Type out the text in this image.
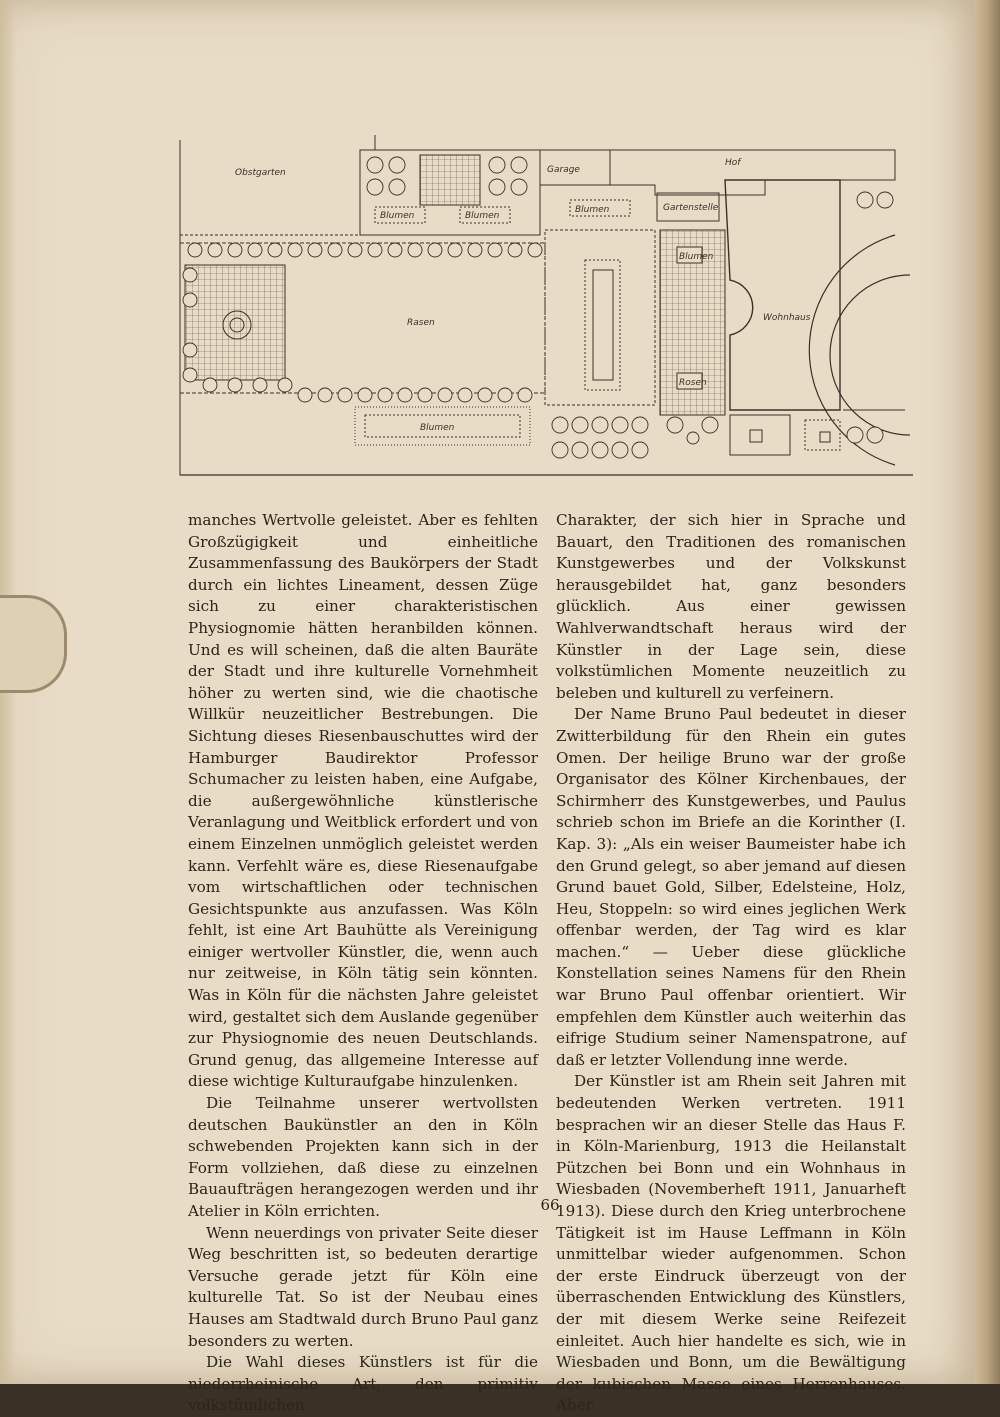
Obstgarten	Garage
Hof
Blumen	Blumen
Blumen	Gartenstelle
Rasen	Wohnhaus
Blumen
Blumen
Rosen

manches Wertvolle geleistet. Aber es fehlten Großzügigkeit und einheitliche Zusammenfassung des Baukörpers der Stadt durch ein lichtes Lineament, dessen Züge sich zu einer charakteristischen Physiognomie hätten heranbilden können. Und es will scheinen, daß die alten Bauräte der Stadt und ihre kulturelle Vornehmheit höher zu werten sind, wie die chaotische Willkür neuzeitlicher Bestrebungen. Die Sichtung dieses Riesenbauschuttes wird der Hamburger Baudirektor Professor Schumacher zu leisten haben, eine Aufgabe, die außergewöhnliche künstlerische Veranlagung und Weitblick erfordert und von einem Einzelnen unmöglich geleistet werden kann. Verfehlt wäre es, diese Riesenaufgabe vom wirtschaftlichen oder technischen Gesichtspunkte aus anzufassen. Was Köln fehlt, ist eine Art Bauhütte als Vereinigung einiger wertvoller Künstler, die, wenn auch nur zeitweise, in Köln tätig sein könnten. Was in Köln für die nächsten Jahre geleistet wird, gestaltet sich dem Auslande gegenüber zur Physiognomie des neuen Deutschlands. Grund genug, das allgemeine Interesse auf diese wichtige Kulturaufgabe hinzulenken.

Die Teilnahme unserer wertvollsten deutschen Baukünstler an den in Köln schwebenden Projekten kann sich in der Form vollziehen, daß diese zu einzelnen Bauaufträgen herangezogen werden und ihr Atelier in Köln errichten.

Wenn neuerdings von privater Seite dieser Weg beschritten ist, so bedeuten derartige Versuche gerade jetzt für Köln eine kulturelle Tat. So ist der Neubau eines Hauses am Stadtwald durch Bruno Paul ganz besonders zu werten.

Die Wahl dieses Künstlers ist für die niederrheinische Art, den primitiv volkstümlichen

Charakter, der sich hier in Sprache und Bauart, den Traditionen des romanischen Kunstgewerbes und der Volkskunst herausgebildet hat, ganz besonders glücklich. Aus einer gewissen Wahlverwandtschaft heraus wird der Künstler in der Lage sein, diese volkstümlichen Momente neuzeitlich zu beleben und kulturell zu verfeinern.

Der Name Bruno Paul bedeutet in dieser Zwitterbildung für den Rhein ein gutes Omen. Der heilige Bruno war der große Organisator des Kölner Kirchenbaues, der Schirmherr des Kunstgewerbes, und Paulus schrieb schon im Briefe an die Korinther (I. Kap. 3): „Als ein weiser Baumeister habe ich den Grund gelegt, so aber jemand auf diesen Grund bauet Gold, Silber, Edelsteine, Holz, Heu, Stoppeln: so wird eines jeglichen Werk offenbar werden, der Tag wird es klar machen.“ — Ueber diese glückliche Konstellation seines Namens für den Rhein war Bruno Paul offenbar orientiert. Wir empfehlen dem Künstler auch weiterhin das eifrige Studium seiner Namenspatrone, auf daß er letzter Vollendung inne werde.

Der Künstler ist am Rhein seit Jahren mit bedeutenden Werken vertreten. 1911 besprachen wir an dieser Stelle das Haus F. in Köln-Marienburg, 1913 die Heilanstalt Pützchen bei Bonn und ein Wohnhaus in Wiesbaden (Novemberheft 1911, Januarheft 1913). Diese durch den Krieg unterbrochene Tätigkeit ist im Hause Leffmann in Köln unmittelbar wieder aufgenommen. Schon der erste Eindruck überzeugt von der überraschenden Entwicklung des Künstlers, der mit diesem Werke seine Reifezeit einleitet. Auch hier handelte es sich, wie in Wiesbaden und Bonn, um die Bewältigung der kubischen Masse eines Herrenhauses. Aber

66
